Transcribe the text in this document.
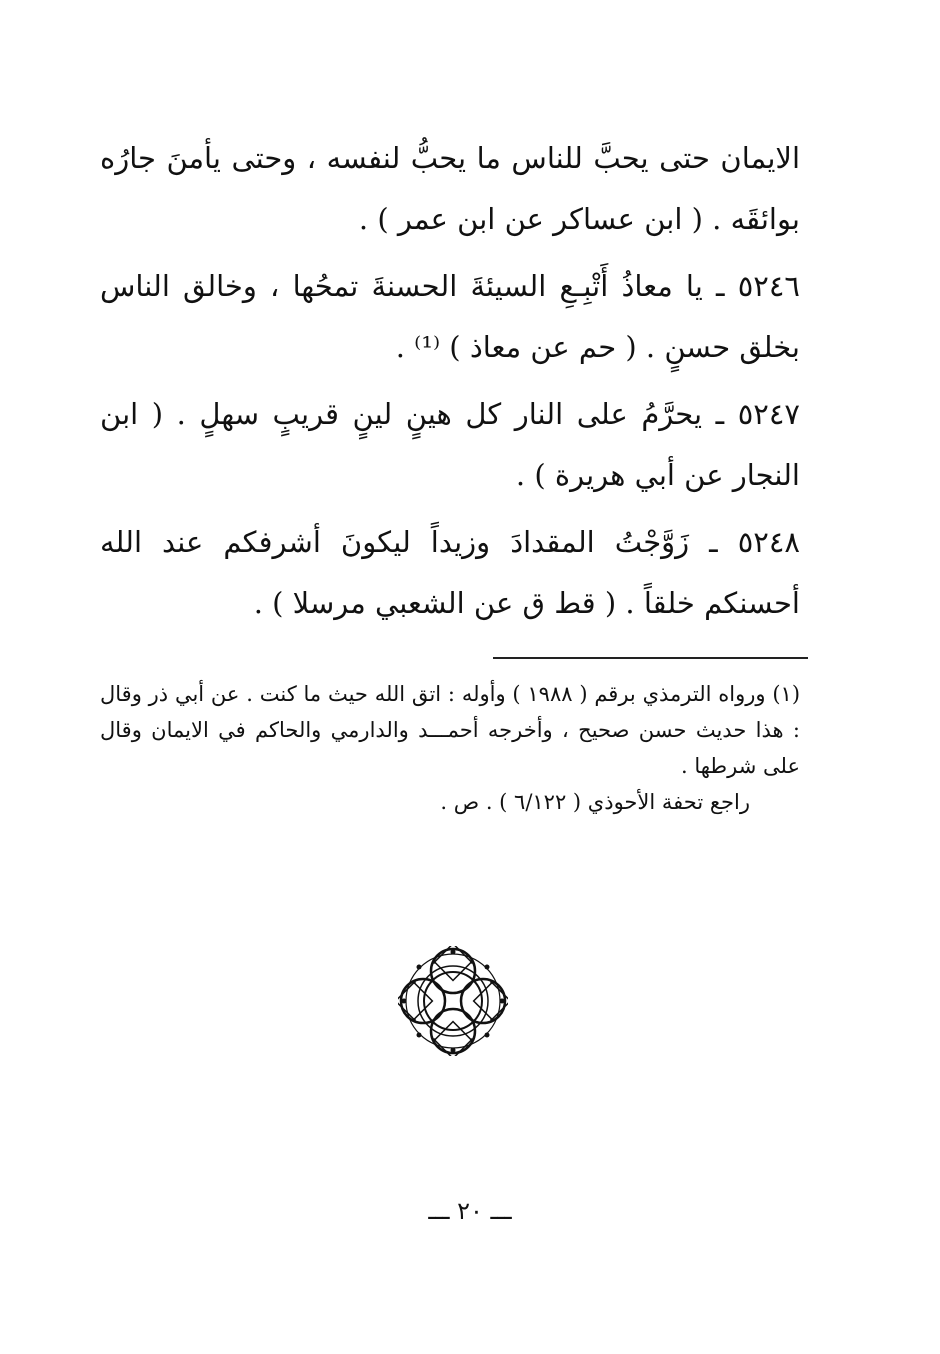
الايمان حتى يحبَّ للناس ما يحبُّ لنفسه ، وحتى يأمنَ جارُه بوائقَه . ( ابن عساكر عن ابن عمر ) .

٥٢٤٦ ـ يا معاذُ أَتْبِـعِ السيئةَ الحسنةَ تمحُها ، وخالق الناس بخلق حسنٍ . ( حم عن معاذ ) ⁽¹⁾ .

٥٢٤٧ ـ يحرَّمُ على النار كل هينٍ لينٍ قريبٍ سهلٍ . ( ابن النجار عن أبي هريرة ) .

٥٢٤٨ ـ زَوَّجْتُ المقدادَ وزيداً ليكونَ أشرفكم عند الله أحسنكم خلقاً . ( قط ق عن الشعبي مرسلا ) .

(١) ورواه الترمذي برقم ( ١٩٨٨ ) وأوله : اتق الله حيث ما كنت . عن أبي ذر وقال : هذا حديث حسن صحيح ، وأخرجه أحمـــد والدارمي والحاكم في الايمان وقال على شرطها .

راجع تحفة الأحوذي ( ٦/١٢٢ ) . ص .

ـــ ٢٠ ـــ
